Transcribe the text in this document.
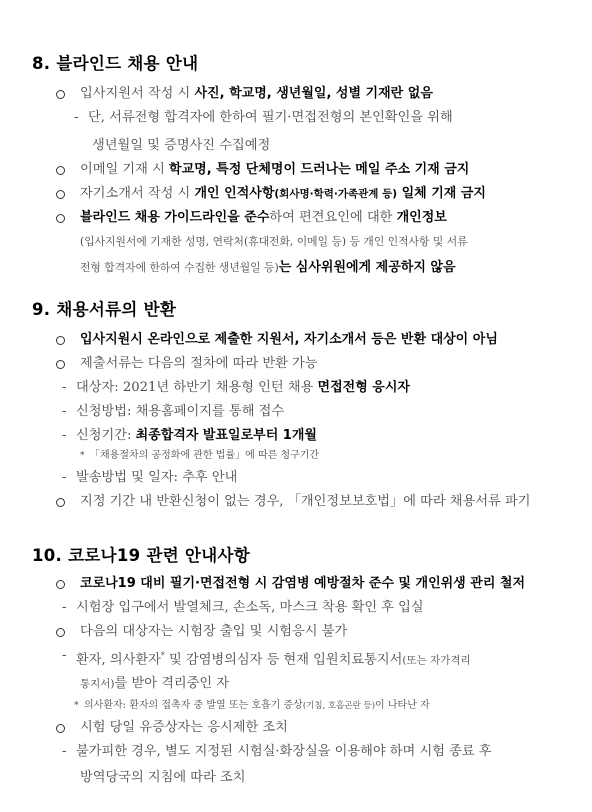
8. 블라인드 채용 안내
입사지원서 작성 시 사진, 학교명, 생년월일, 성별 기재란 없음
- 단, 서류전형 합격자에 한하여 필기·면접전형의 본인확인을 위해
생년월일 및 증명사진 수집예정
이메일 기재 시 학교명, 특정 단체명이 드러나는 메일 주소 기재 금지
자기소개서 작성 시 개인 인적사항(회사명·학력·가족관계 등) 일체 기재 금지
블라인드 채용 가이드라인을 준수하여 편견요인에 대한 개인정보
(입사지원서에 기재한 성명, 연락처(휴대전화, 이메일 등) 등 개인 인적사항 및 서류
전형 합격자에 한하여 수집한 생년월일 등)는 심사위원에게 제공하지 않음
9. 채용서류의 반환
입사지원시 온라인으로 제출한 지원서, 자기소개서 등은 반환 대상이 아님
제출서류는 다음의 절차에 따라 반환 가능
- 대상자: 2021년 하반기 채용형 인턴 채용 면접전형 응시자
- 신청방법: 채용홈페이지를 통해 접수
- 신청기간: 최종합격자 발표일로부터 1개월
* 「채용절차의 공정화에 관한 법률」에 따른 청구기간
- 발송방법 및 일자: 추후 안내
지정 기간 내 반환신청이 없는 경우, 「개인정보보호법」에 따라 채용서류 파기
10. 코로나19 관련 안내사항
코로나19 대비 필기·면접전형 시 감염병 예방절차 준수 및 개인위생 관리 철저
- 시험장 입구에서 발열체크, 손소독, 마스크 착용 확인 후 입실
다음의 대상자는 시험장 출입 및 시험응시 불가
- 환자, 의사환자* 및 감염병의심자 등 현재 입원치료통지서(또는 자가격리
통지서)를 받아 격리중인 자
* 의사환자: 환자의 접촉자 중 발열 또는 호흡기 증상(기침, 호흡곤란 등)이 나타난 자
시험 당일 유증상자는 응시제한 조치
- 불가피한 경우, 별도 지정된 시험실·화장실을 이용해야 하며 시험 종료 후
방역당국의 지침에 따라 조치
